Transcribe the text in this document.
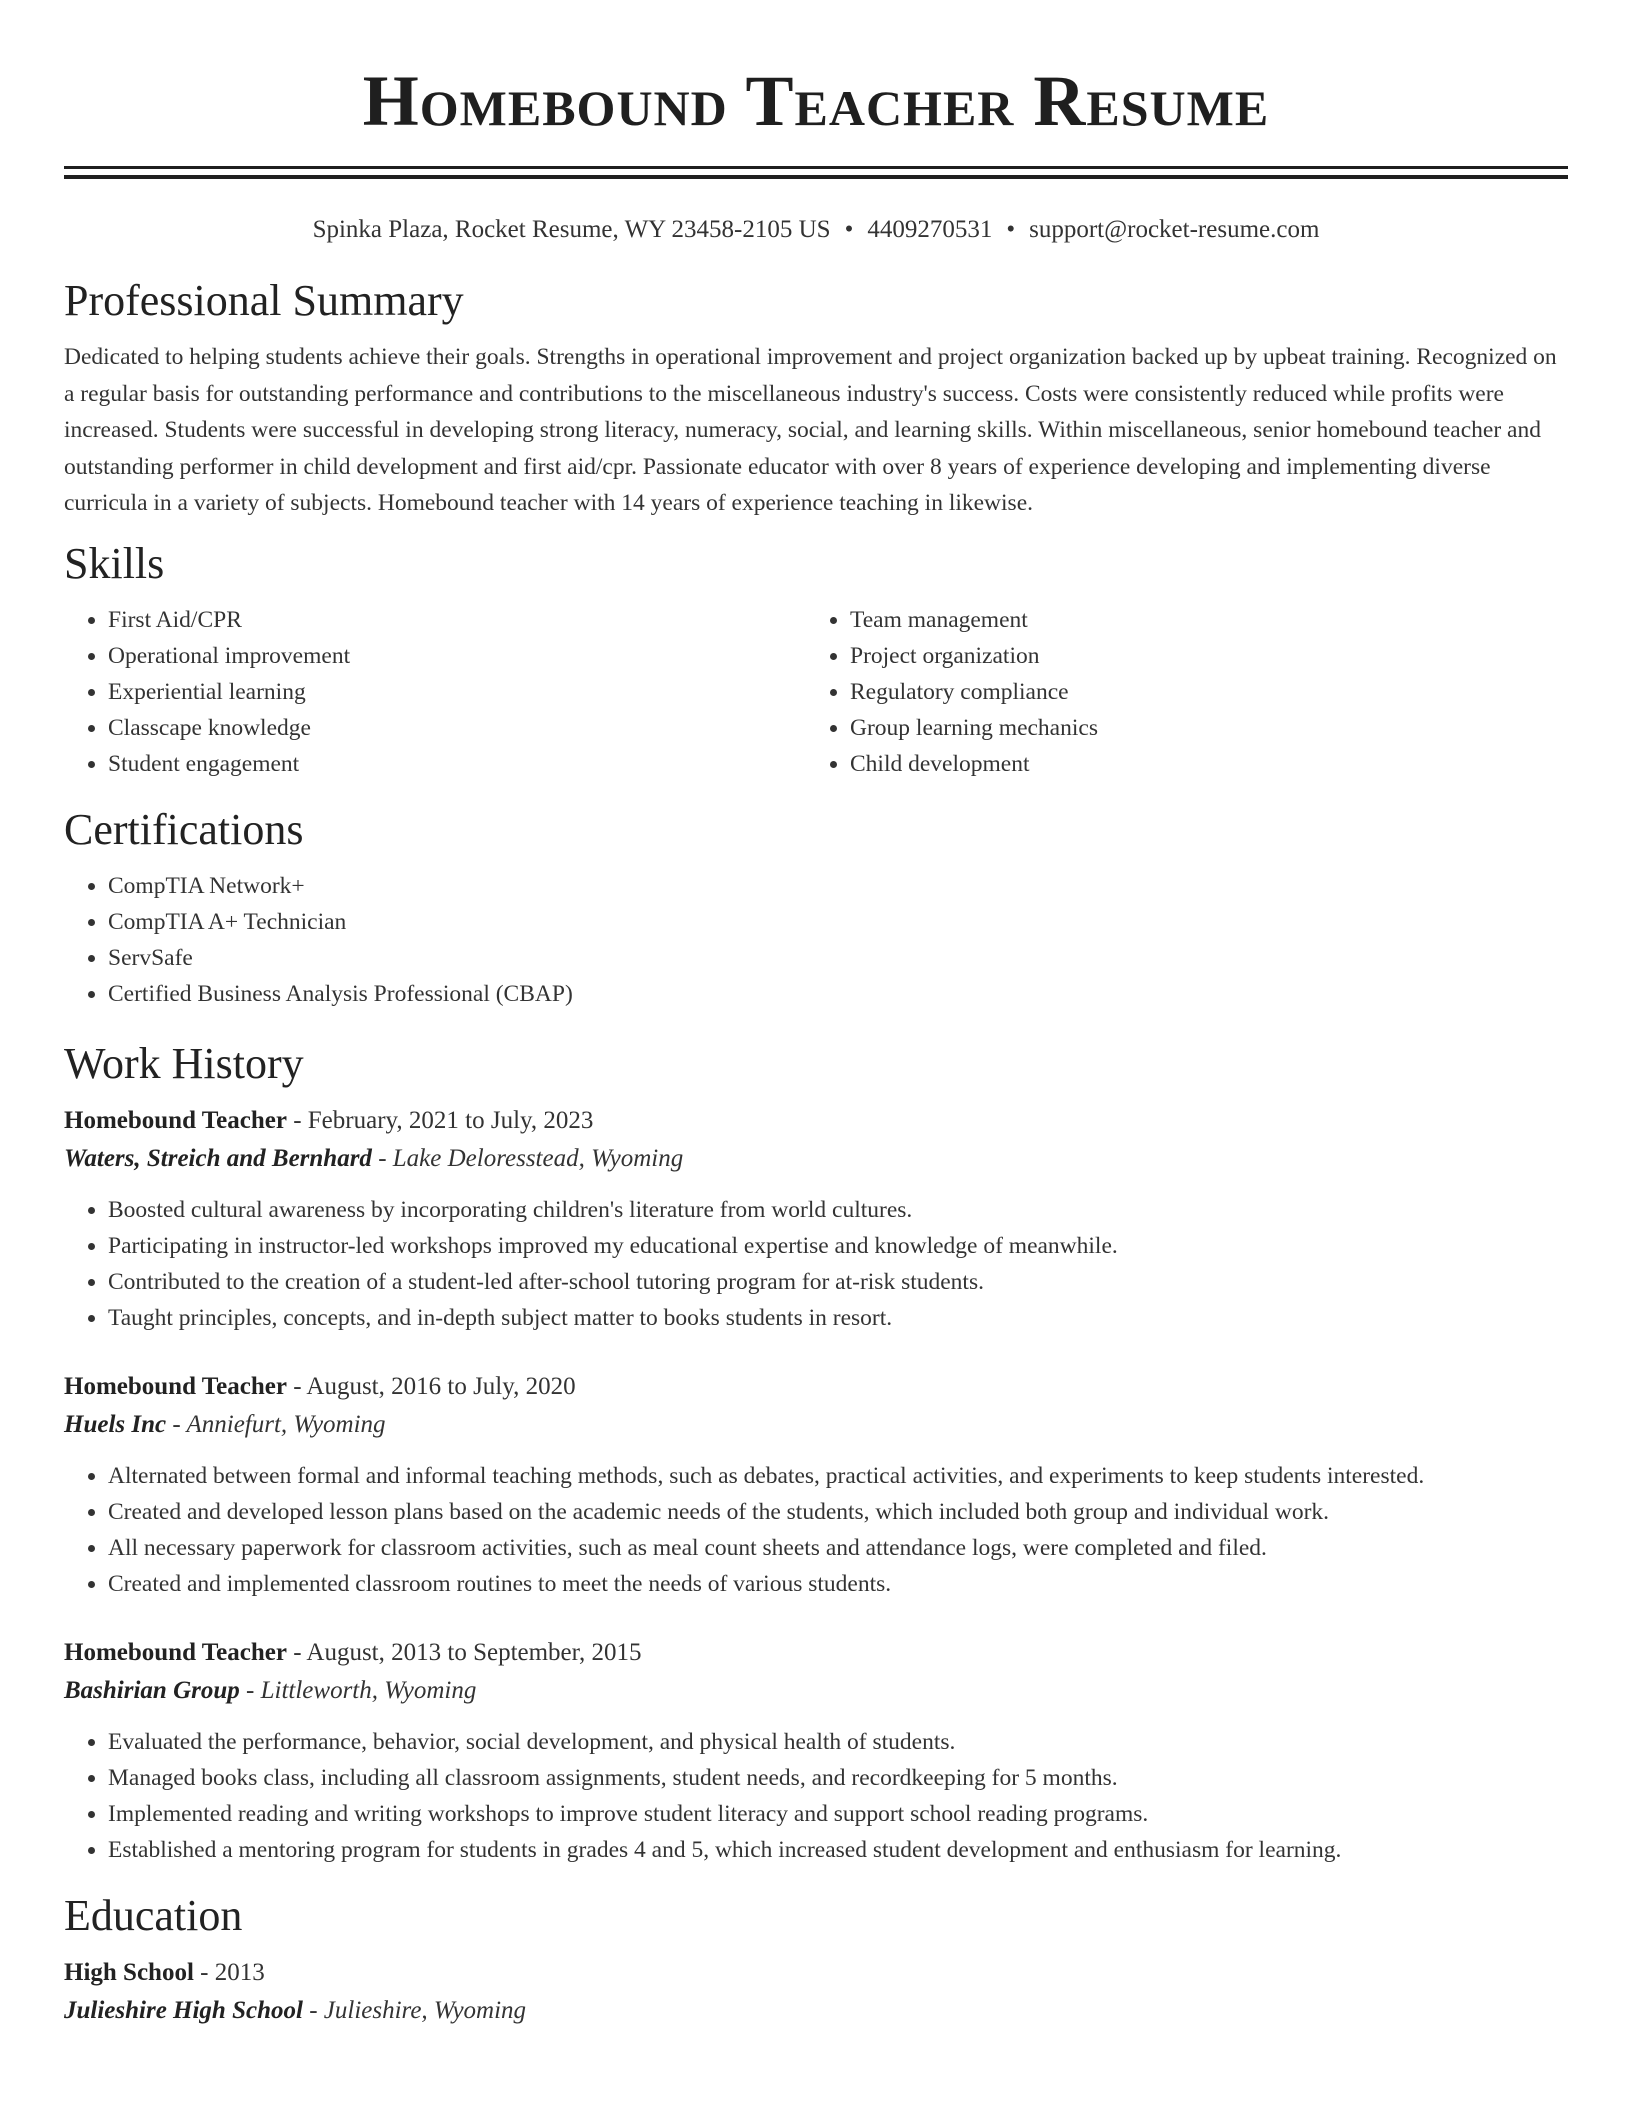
Homebound Teacher Resume
Spinka Plaza, Rocket Resume, WY 23458-2105 US • 4409270531 • support@rocket-resume.com
Professional Summary

Dedicated to helping students achieve their goals. Strengths in operational improvement and project organization backed up by upbeat training. Recognized on a regular basis for outstanding performance and contributions to the miscellaneous industry's success. Costs were consistently reduced while profits were increased. Students were successful in developing strong literacy, numeracy, social, and learning skills. Within miscellaneous, senior homebound teacher and outstanding performer in child development and first aid/cpr. Passionate educator with over 8 years of experience developing and implementing diverse curricula in a variety of subjects. Homebound teacher with 14 years of experience teaching in likewise.

Skills
• First Aid/CPR
• Operational improvement
• Experiential learning
• Classcape knowledge
• Student engagement
• Team management
• Project organization
• Regulatory compliance
• Group learning mechanics
• Child development
Certifications
• CompTIA Network+
• CompTIA A+ Technician
• ServSafe
• Certified Business Analysis Professional (CBAP)
Work History
Homebound Teacher - February, 2021 to July, 2023
Waters, Streich and Bernhard - Lake Deloresstead, Wyoming
• Boosted cultural awareness by incorporating children's literature from world cultures.
• Participating in instructor-led workshops improved my educational expertise and knowledge of meanwhile.
• Contributed to the creation of a student-led after-school tutoring program for at-risk students.
• Taught principles, concepts, and in-depth subject matter to books students in resort.
Homebound Teacher - August, 2016 to July, 2020
Huels Inc - Anniefurt, Wyoming
• Alternated between formal and informal teaching methods, such as debates, practical activities, and experiments to keep students interested.
• Created and developed lesson plans based on the academic needs of the students, which included both group and individual work.
• All necessary paperwork for classroom activities, such as meal count sheets and attendance logs, were completed and filed.
• Created and implemented classroom routines to meet the needs of various students.
Homebound Teacher - August, 2013 to September, 2015
Bashirian Group - Littleworth, Wyoming
• Evaluated the performance, behavior, social development, and physical health of students.
• Managed books class, including all classroom assignments, student needs, and recordkeeping for 5 months.
• Implemented reading and writing workshops to improve student literacy and support school reading programs.
• Established a mentoring program for students in grades 4 and 5, which increased student development and enthusiasm for learning.
Education
High School - 2013
Julieshire High School - Julieshire, Wyoming
